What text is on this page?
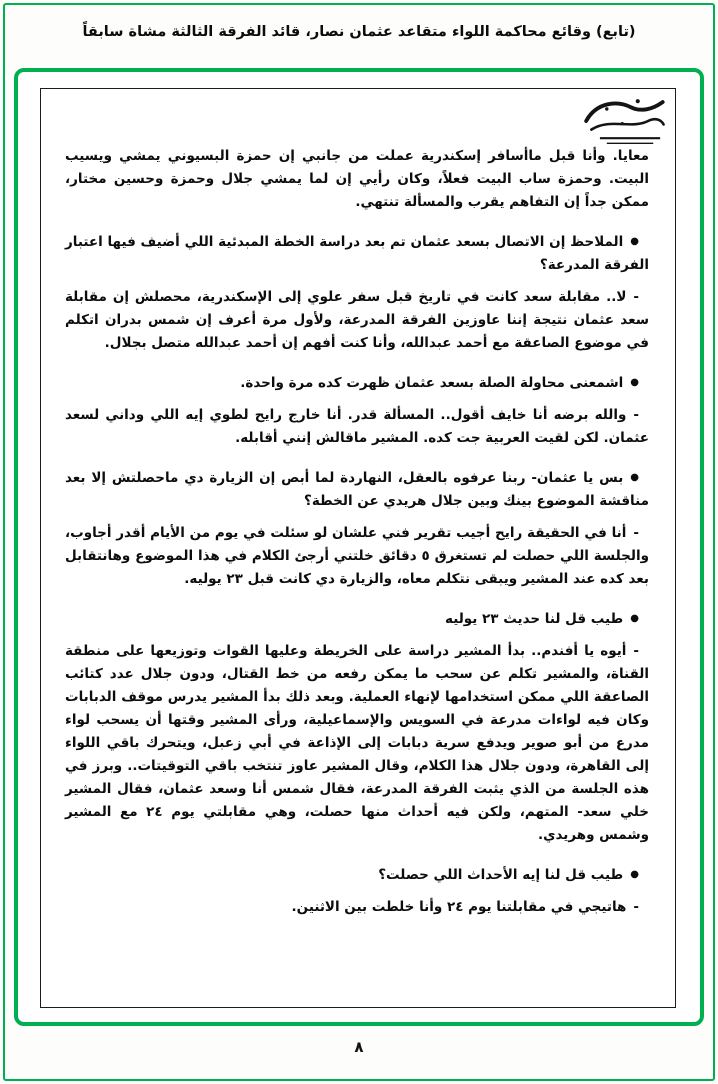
(تابع) وقائع محاكمة اللواء متقاعد عثمان نصار، قائد الفرقة الثالثة مشاة سابقاً

معايا. وأنا قبل ماأسافر إسكندرية عملت من جانبي إن حمزة البسيوني يمشي ويسيب البيت. وحمزة ساب البيت فعلاً، وكان رأيي إن لما يمشي جلال وحمزة وحسين مختار، ممكن جداً إن التفاهم يقرب والمسألة تنتهي.

●الملاحظ إن الاتصال بسعد عثمان تم بعد دراسة الخطة المبدئية اللي أضيف فيها اعتبار الفرقة المدرعة؟

-لا.. مقابلة سعد كانت في تاريخ قبل سفر علوي إلى الإسكندرية، محصلش إن مقابلة سعد عثمان نتيجة إننا عاوزين الفرقة المدرعة، ولأول مرة أعرف إن شمس بدران اتكلم في موضوع الصاعقة مع أحمد عبدالله، وأنا كنت أفهم إن أحمد عبدالله متصل بجلال.

●اشمعنى محاولة الصلة بسعد عثمان ظهرت كده مرة واحدة.

-والله برضه أنا خايف أقول.. المسألة قدر. أنا خارج رايح لطوي إيه اللي وداني لسعد عثمان. لكن لقيت العربية جت كده. المشير ماقالش إنني أقابله.

●بس يا عثمان- ربنا عرفوه بالعقل، النهاردة لما أبص إن الزيارة دي ماحصلتش إلا بعد مناقشة الموضوع بينك وبين جلال هريدي عن الخطة؟

-أنا في الحقيقة رايح أجيب تقرير فني علشان لو سئلت في يوم من الأيام أقدر أجاوب، والجلسة اللي حصلت لم تستغرق ٥ دقائق خلتني أرجئ الكلام في هذا الموضوع وهانتقابل بعد كده عند المشير ويبقى نتكلم معاه، والزيارة دي كانت قبل ٢٣ يوليه.

●طيب قل لنا حديث ٢٣ يوليه

-أيوه يا أفندم.. بدأ المشير دراسة على الخريطة وعليها القوات وتوزيعها على منطقة القناة، والمشير تكلم عن سحب ما يمكن رفعه من خط القتال، ودون جلال عدد كتائب الصاعقة اللي ممكن استخدامها لإنهاء العملية. وبعد ذلك بدأ المشير يدرس موقف الدبابات وكان فيه لواءات مدرعة في السويس والإسماعيلية، ورأى المشير وقتها أن يسحب لواء مدرع من أبو صوير ويدفع سرية دبابات إلى الإذاعة في أبي زعبل، ويتحرك باقي اللواء إلى القاهرة، ودون جلال هذا الكلام، وقال المشير عاوز تنتخب باقي التوقيتات.. وبرز في هذه الجلسة من الذي يثبت الفرقة المدرعة، فقال شمس أنا وسعد عثمان، فقال المشير خلي سعد- المتهم، ولكن فيه أحداث منها حصلت، وهي مقابلتي يوم ٢٤ مع المشير وشمس وهريدي.

●طيب قل لنا إيه الأحداث اللي حصلت؟

-هاتيجي في مقابلتنا يوم ٢٤ وأنا خلطت بين الاثنين.

٨
